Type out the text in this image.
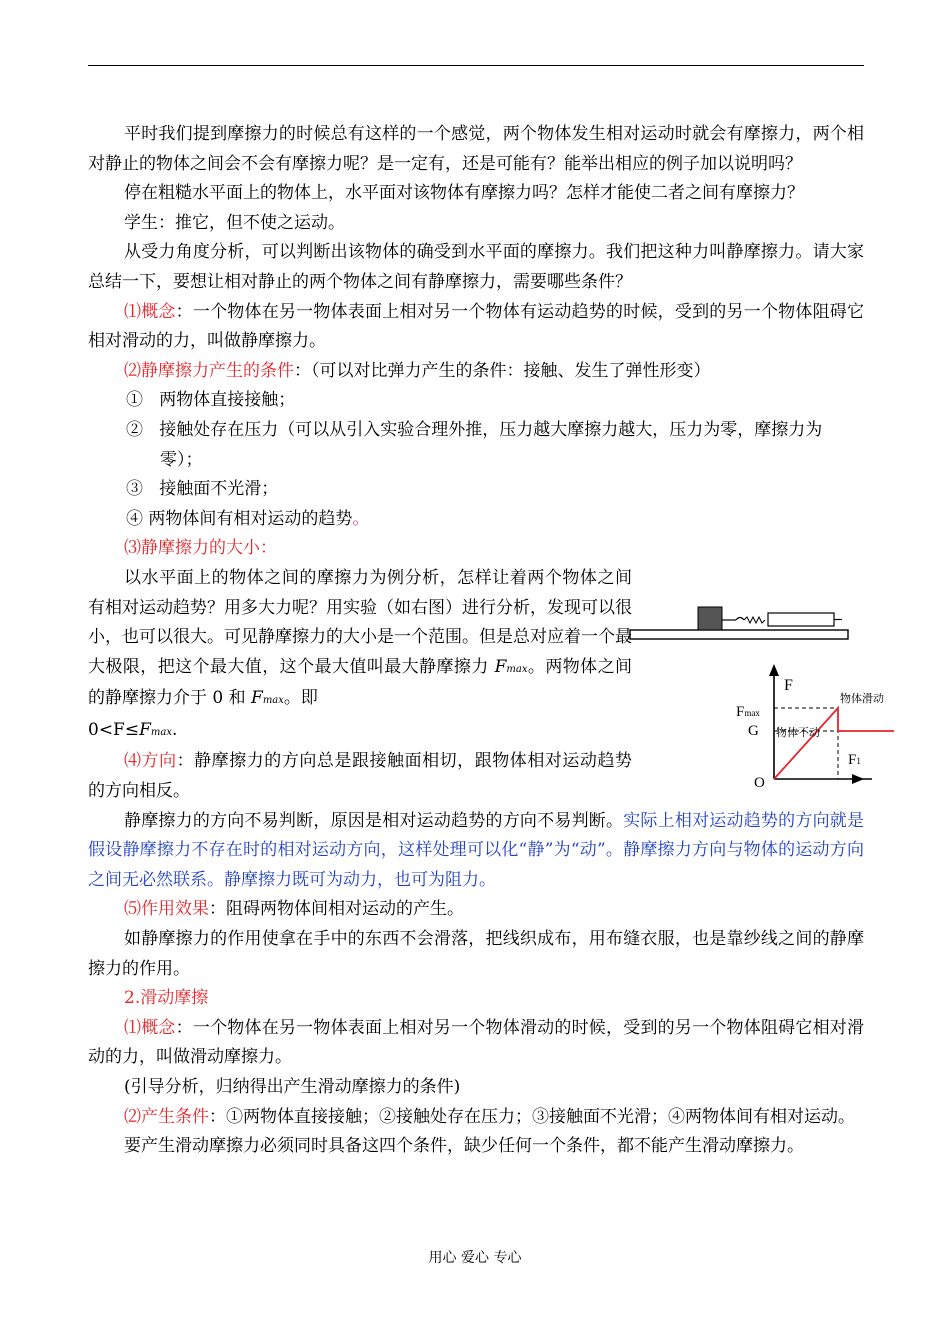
平时我们提到摩擦力的时候总有这样的一个感觉，两个物体发生相对运动时就会有摩擦力，两个相对静止的物体之间会不会有摩擦力呢？是一定有，还是可能有？能举出相应的例子加以说明吗？

停在粗糙水平面上的物体上，水平面对该物体有摩擦力吗？怎样才能使二者之间有摩擦力？

学生：推它，但不使之运动。

从受力角度分析，可以判断出该物体的确受到水平面的摩擦力。我们把这种力叫静摩擦力。请大家总结一下，要想让相对静止的两个物体之间有静摩擦力，需要哪些条件？

⑴概念：一个物体在另一物体表面上相对另一个物体有运动趋势的时候，受到的另一个物体阻碍它相对滑动的力，叫做静摩擦力。

⑵静摩擦力产生的条件：（可以对比弹力产生的条件：接触、发生了弹性形变）

① 两物体直接接触；

② 接触处存在压力（可以从引入实验合理外推，压力越大摩擦力越大，压力为零，摩擦力为零）；

③ 接触面不光滑；

④ 两物体间有相对运动的趋势。

⑶静摩擦力的大小：

以水平面上的物体之间的摩擦力为例分析，怎样让着两个物体之间有相对运动趋势？用多大力呢？用实验（如右图）进行分析，发现可以很小，也可以很大。可见静摩擦力的大小是一个范围。但是总对应着一个最大极限，把这个最大值，这个最大值叫最大静摩擦力 Fmax。两物体之间的静摩擦力介于 0 和 Fmax。即
0<F≤Fmax.

⑷方向：静摩擦力的方向总是跟接触面相切，跟物体相对运动趋势的方向相反。

静摩擦力的方向不易判断，原因是相对运动趋势的方向不易判断。实际上相对运动趋势的方向就是假设静摩擦力不存在时的相对运动方向，这样处理可以化“静”为“动”。静摩擦力方向与物体的运动方向之间无必然联系。静摩擦力既可为动力，也可为阻力。

⑸作用效果：阻碍两物体间相对运动的产生。

如静摩擦力的作用使拿在手中的东西不会滑落，把线织成布，用布缝衣服，也是靠纱线之间的静摩擦力的作用。

2.滑动摩擦

⑴概念：一个物体在另一物体表面上相对另一个物体滑动的时候，受到的另一个物体阻碍它相对滑动的力，叫做滑动摩擦力。

(引导分析，归纳得出产生滑动摩擦力的条件)

⑵产生条件：①两物体直接接触；②接触处存在压力；③接触面不光滑；④两物体间有相对运动。

要产生滑动摩擦力必须同时具备这四个条件，缺少任何一个条件，都不能产生滑动摩擦力。

F
Fmax
G
O
物体滑动
物体不动
F1
用心 爱心 专心
